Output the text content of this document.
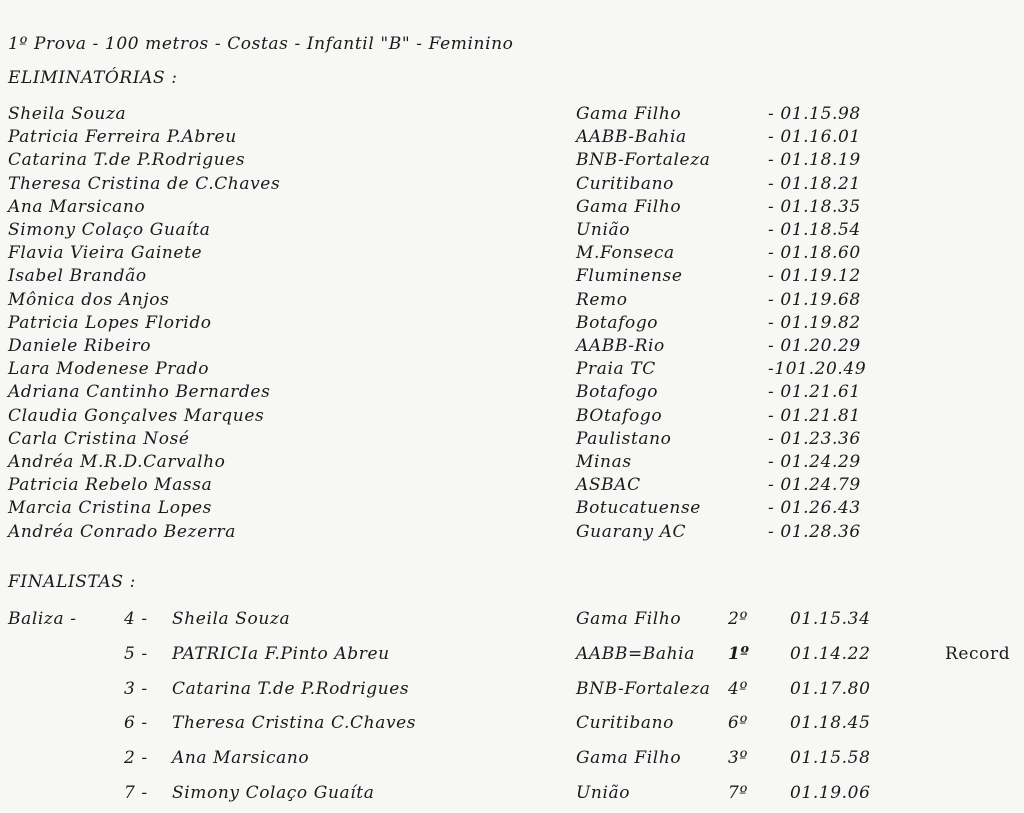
1º Prova - 100 metros - Costas - Infantil "B" - Feminino
ELIMINATÓRIAS :
Sheila Souza	Gama Filho	- 01.15.98
Patricia Ferreira P.Abreu	AABB-Bahia	- 01.16.01
Catarina T.de P.Rodrigues	BNB-Fortaleza	- 01.18.19
Theresa Cristina de C.Chaves	Curitibano	- 01.18.21
Ana Marsicano	Gama Filho	- 01.18.35
Simony Colaço Guaíta	União	- 01.18.54
Flavia Vieira Gainete	M.Fonseca	- 01.18.60
Isabel Brandão	Fluminense	- 01.19.12
Mônica dos Anjos	Remo	- 01.19.68
Patricia Lopes Florido	Botafogo	- 01.19.82
Daniele Ribeiro	AABB-Rio	- 01.20.29
Lara Modenese Prado	Praia TC	-101.20.49
Adriana Cantinho Bernardes	Botafogo	- 01.21.61
Claudia Gonçalves Marques	BOtafogo	- 01.21.81
Carla Cristina Nosé	Paulistano	- 01.23.36
Andréa M.R.D.Carvalho	Minas	- 01.24.29
Patricia Rebelo Massa	ASBAC	- 01.24.79
Marcia Cristina Lopes	Botucatuense	- 01.26.43
Andréa Conrado Bezerra	Guarany AC	- 01.28.36
FINALISTAS :
Baliza -	4 - Sheila Souza	Gama Filho	2º 01.15.34
5 - PATRICIa F.Pinto Abreu	AABB=Bahia 1º 01.14.22	Record
3 - Catarina T.de P.Rodrigues	BNB-Fortaleza 4º 01.17.80
6 - Theresa Cristina C.Chaves	Curitibano	6º 01.18.45
2 - Ana Marsicano	Gama Filho	3º 01.15.58
7 - Simony Colaço Guaíta	União	7º 01.19.06
